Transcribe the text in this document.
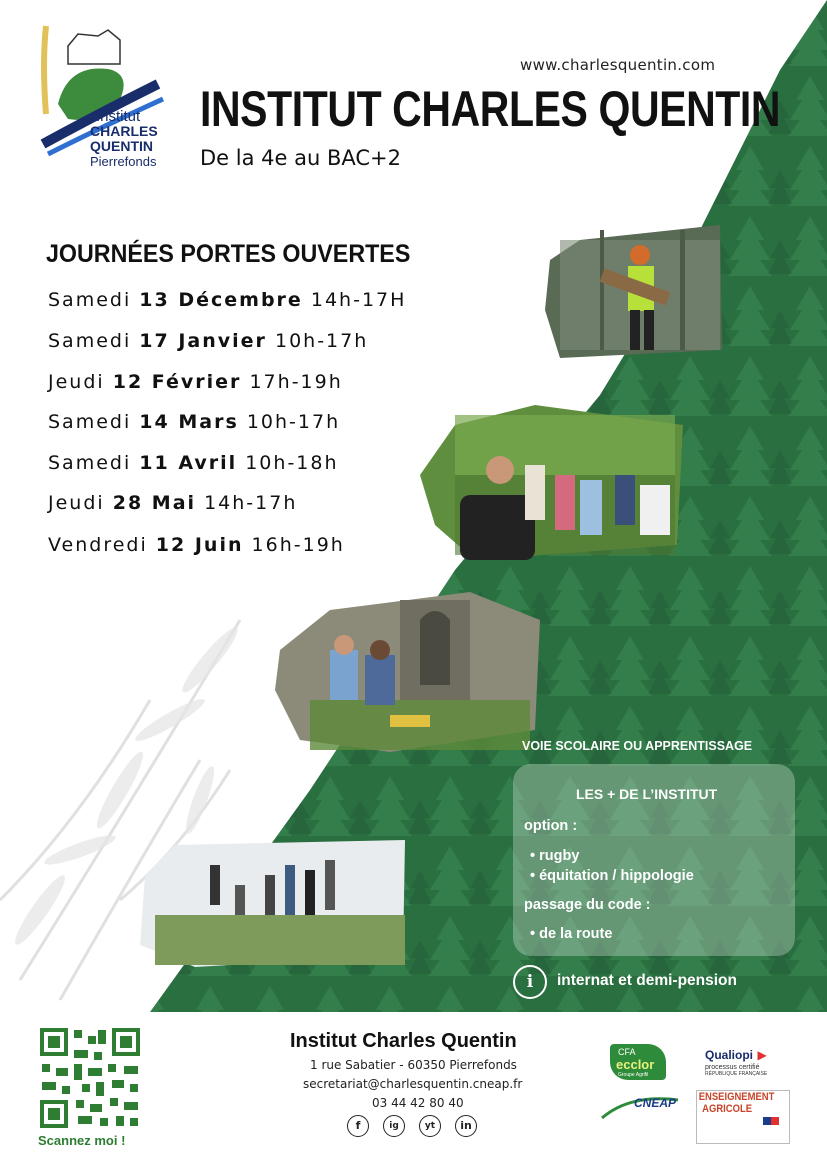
Institut
CHARLES
QUENTIN
Pierrefonds
www.charlesquentin.com
INSTITUT CHARLES QUENTIN
De la 4e au BAC+2
JOURNÉES PORTES OUVERTES
Samedi 13 Décembre 14h-17H
Samedi 17 Janvier 10h-17h
Jeudi 12 Février 17h-19h
Samedi 14 Mars 10h-17h
Samedi 11 Avril 10h-18h
Jeudi 28 Mai 14h-17h
Vendredi 12 Juin 16h-19h
VOIE SCOLAIRE OU APPRENTISSAGE
LES + DE L’INSTITUT
option :
• rugby
• équitation / hippologie
passage du code :
• de la route
i	internat et demi-pension
Scannez moi !
Institut Charles Quentin
1 rue Sabatier - 60350 Pierrefonds
secretariat@charlesquentin.cneap.fr
03 44 42 80 40
f	ig	yt	in
CFA
ecclor
Groupe Agrifil
Qualiopi ▶
processus certifié
RÉPUBLIQUE FRANÇAISE
CNEAP ENSEIGNEMENT
AGRICOLE
